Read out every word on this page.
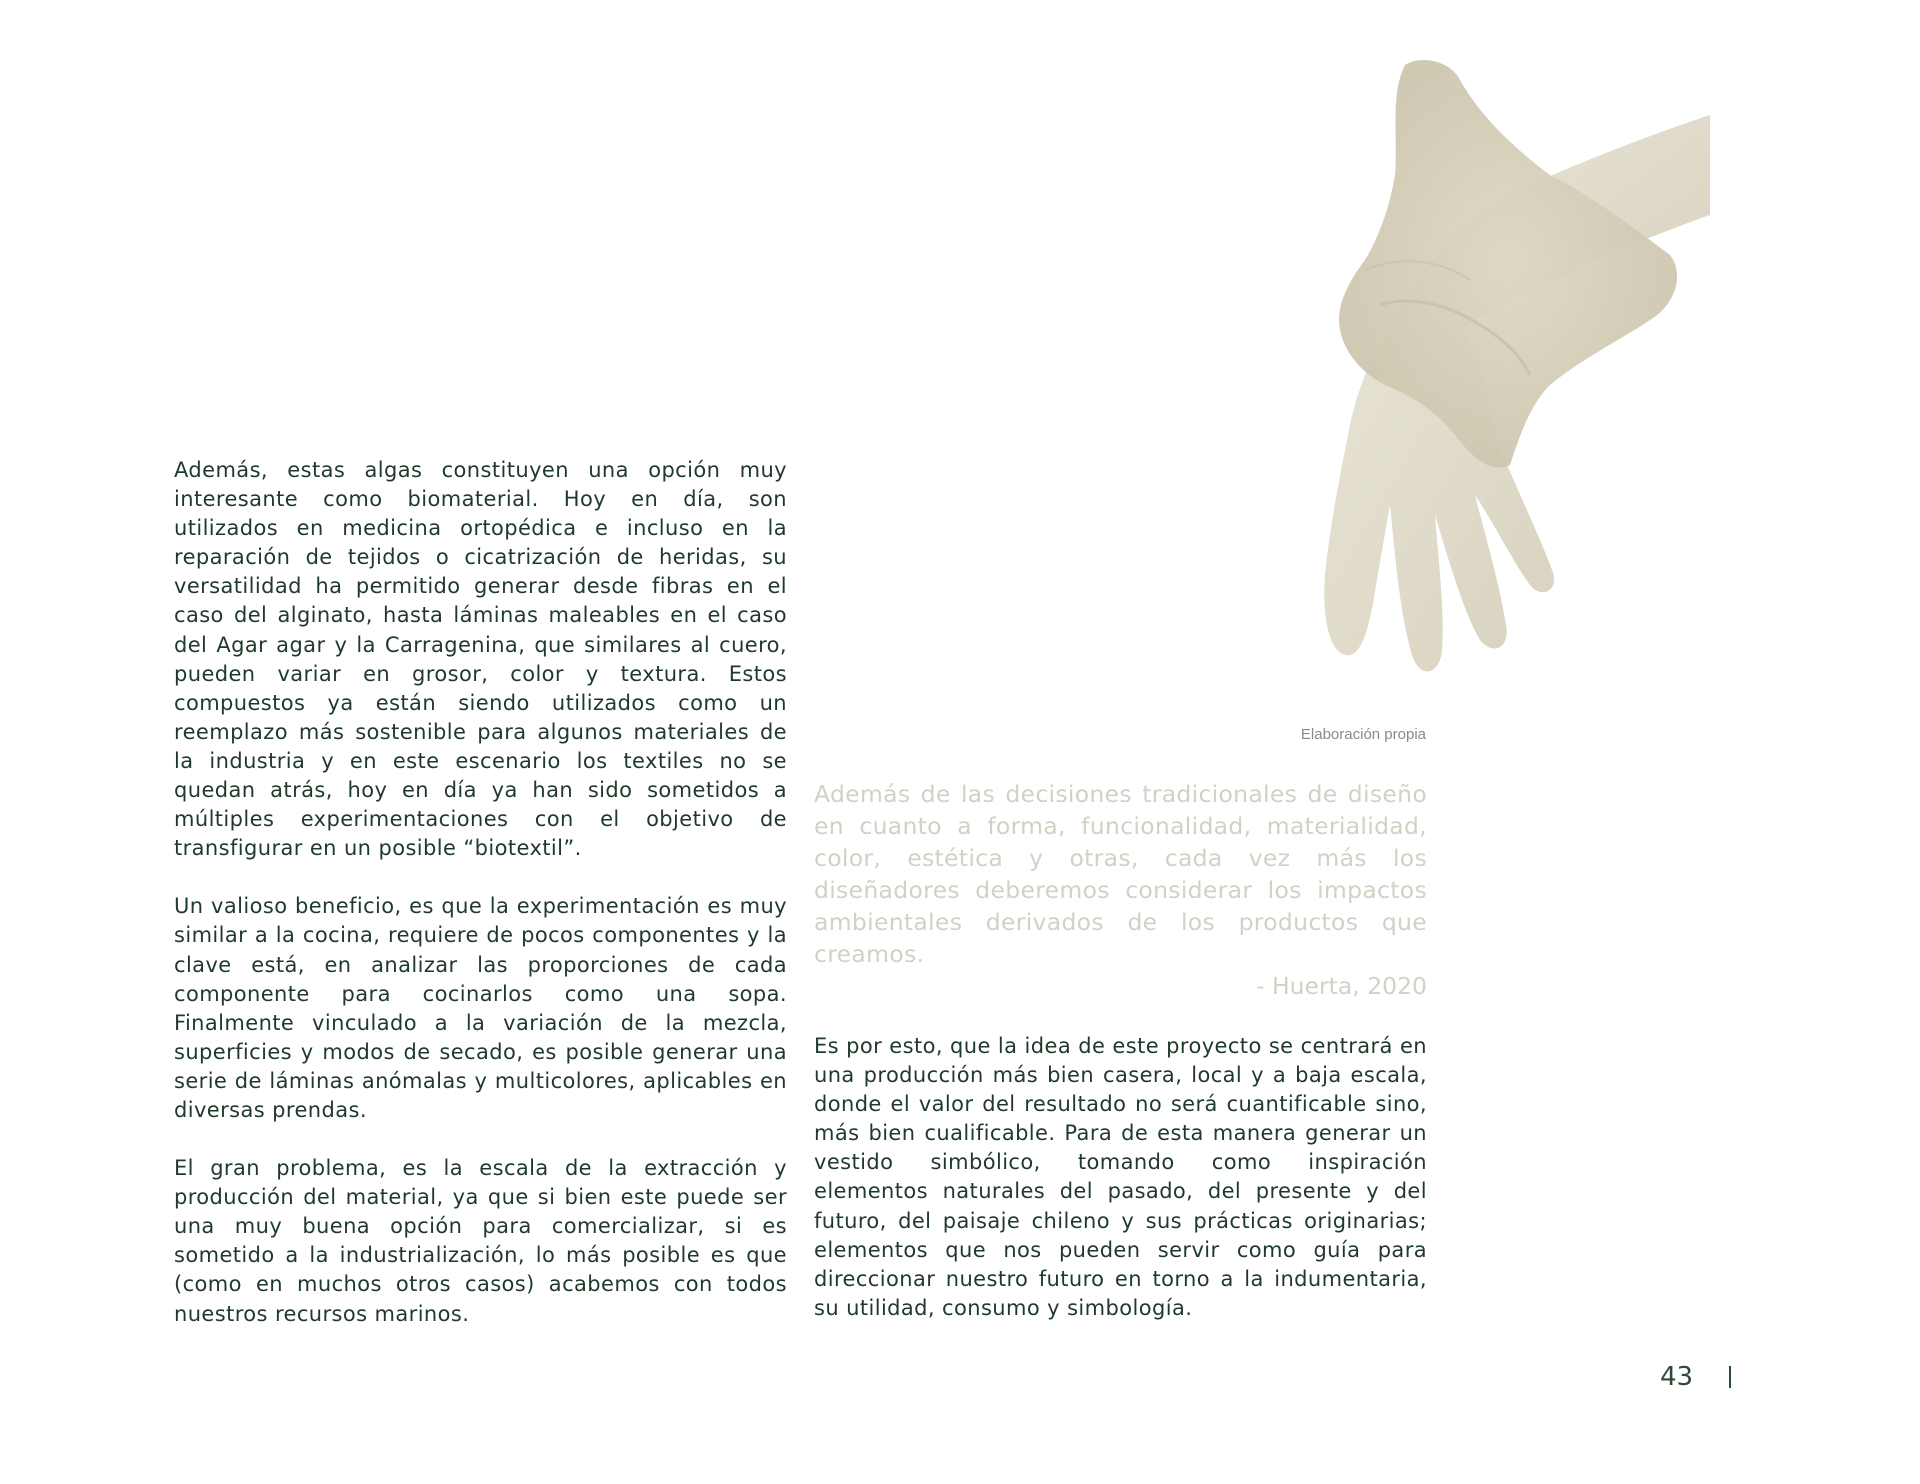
Elaboración propia

Además, estas algas constituyen una opción muy interesante como biomaterial. Hoy en día, son utilizados en medicina ortopédica e incluso en la reparación de tejidos o cicatrización de heridas, su versatilidad ha permitido generar desde fibras en el caso del alginato, hasta láminas maleables en el caso del Agar agar y la Carragenina, que similares al cuero, pueden variar en grosor, color y textura. Estos compuestos ya están siendo utilizados como un reemplazo más sostenible para algunos materiales de la industria y en este escenario los textiles no se quedan atrás, hoy en día ya han sido sometidos a múltiples experimentaciones con el objetivo de transfigurar en un posible “biotextil”.

Un valioso beneficio, es que la experimentación es muy similar a la cocina, requiere de pocos componentes y la clave está, en analizar las proporciones de cada componente para cocinarlos como una sopa. Finalmente vinculado a la variación de la mezcla, superficies y modos de secado, es posible generar una serie de láminas anómalas y multicolores, aplicables en diversas prendas.

El gran problema, es la escala de la extracción y producción del material, ya que si bien este puede ser una muy buena opción para comercializar, si es sometido a la industrialización, lo más posible es que (como en muchos otros casos) acabemos con todos nuestros recursos marinos.

Además de las decisiones tradicionales de diseño en cuanto a forma, funcionalidad, materialidad, color, estética y otras, cada vez más los diseñadores deberemos considerar los impactos ambientales derivados de los productos que creamos.

- Huerta, 2020

Es por esto, que la idea de este proyecto se centrará en una producción más bien casera, local y a baja escala, donde el valor del resultado no será cuantificable sino, más bien cualificable. Para de esta manera generar un vestido simbólico, tomando como inspiración elementos naturales del pasado, del presente y del futuro, del paisaje chileno y sus prácticas originarias; elementos que nos pueden servir como guía para direccionar nuestro futuro en torno a la indumentaria, su utilidad, consumo y simbología.

43
